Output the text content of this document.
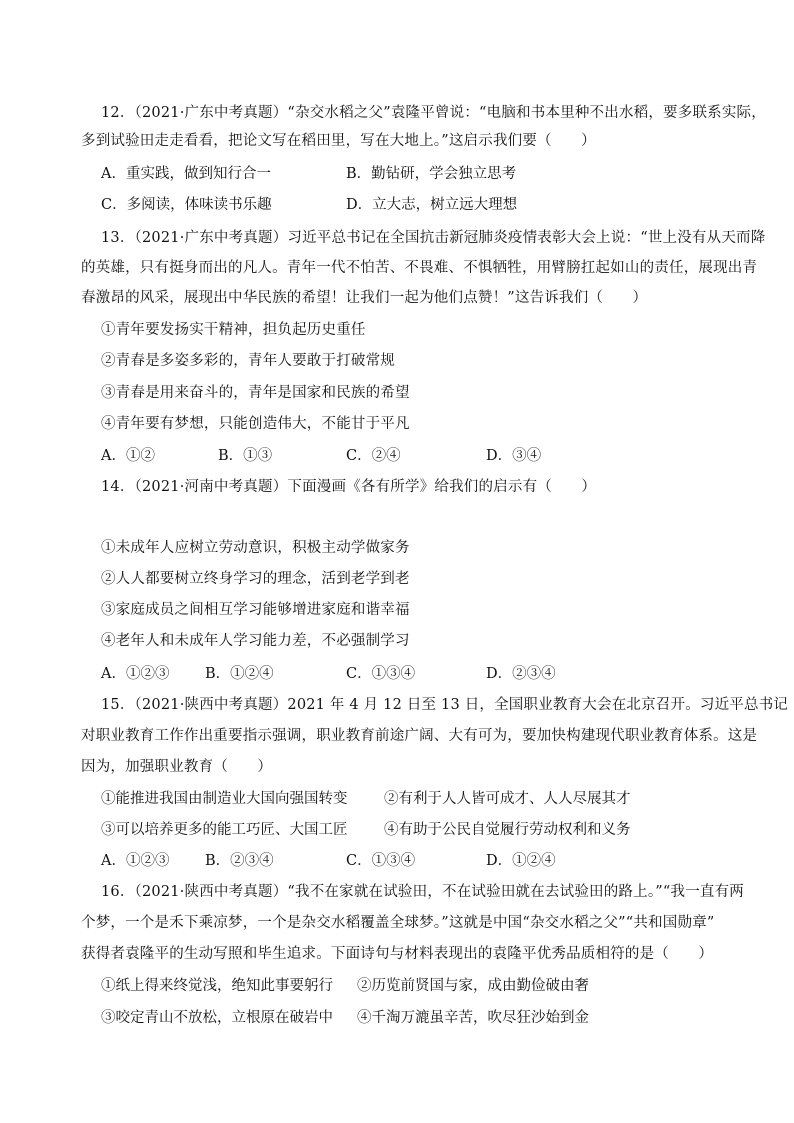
12．（2021·广东中考真题）“杂交水稻之父”袁隆平曾说：“电脑和书本里种不出水稻，要多联系实际，
多到试验田走走看看，把论文写在稻田里，写在大地上。”这启示我们要（　　）
A．重实践，做到知行合一	B．勤钻研，学会独立思考
C．多阅读，体味读书乐趣	D．立大志，树立远大理想
13．（2021·广东中考真题）习近平总书记在全国抗击新冠肺炎疫情表彰大会上说：“世上没有从天而降
的英雄，只有挺身而出的凡人。青年一代不怕苦、不畏难、不惧牺牲，用臂膀扛起如山的责任，展现出青
春激昂的风采，展现出中华民族的希望！让我们一起为他们点赞！”这告诉我们（　　）
①青年要发扬实干精神，担负起历史重任
②青春是多姿多彩的，青年人要敢于打破常规
③青春是用来奋斗的，青年是国家和民族的希望
④青年要有梦想，只能创造伟大，不能甘于平凡
A．①②	B．①③	C．②④	D．③④
14．（2021·河南中考真题）下面漫画《各有所学》给我们的启示有（　　）
①未成年人应树立劳动意识，积极主动学做家务
②人人都要树立终身学习的理念，活到老学到老
③家庭成员之间相互学习能够增进家庭和谐幸福
④老年人和未成年人学习能力差，不必强制学习
A．①②③ B．①②④	C．①③④	D．②③④
15．（2021·陕西中考真题）2021 年 4 月 12 日至 13 日，全国职业教育大会在北京召开。习近平总书记
对职业教育工作作出重要指示强调，职业教育前途广阔、大有可为，要加快构建现代职业教育体系。这是
因为，加强职业教育（　　）
①能推进我国由制造业大国向强国转变	②有利于人人皆可成才、人人尽展其才
③可以培养更多的能工巧匠、大国工匠	④有助于公民自觉履行劳动权利和义务
A．①②③ B．②③④	C．①③④	D．①②④
16．（2021·陕西中考真题）“我不在家就在试验田，不在试验田就在去试验田的路上。”“我一直有两
个梦，一个是禾下乘凉梦，一个是杂交水稻覆盖全球梦。”这就是中国“杂交水稻之父”“共和国勋章”
获得者袁隆平的生动写照和毕生追求。下面诗句与材料表现出的袁隆平优秀品质相符的是（　　）
①纸上得来终觉浅，绝知此事要躬行 ②历览前贤国与家，成由勤俭破由奢
③咬定青山不放松，立根原在破岩中 ④千淘万漉虽辛苦，吹尽狂沙始到金
